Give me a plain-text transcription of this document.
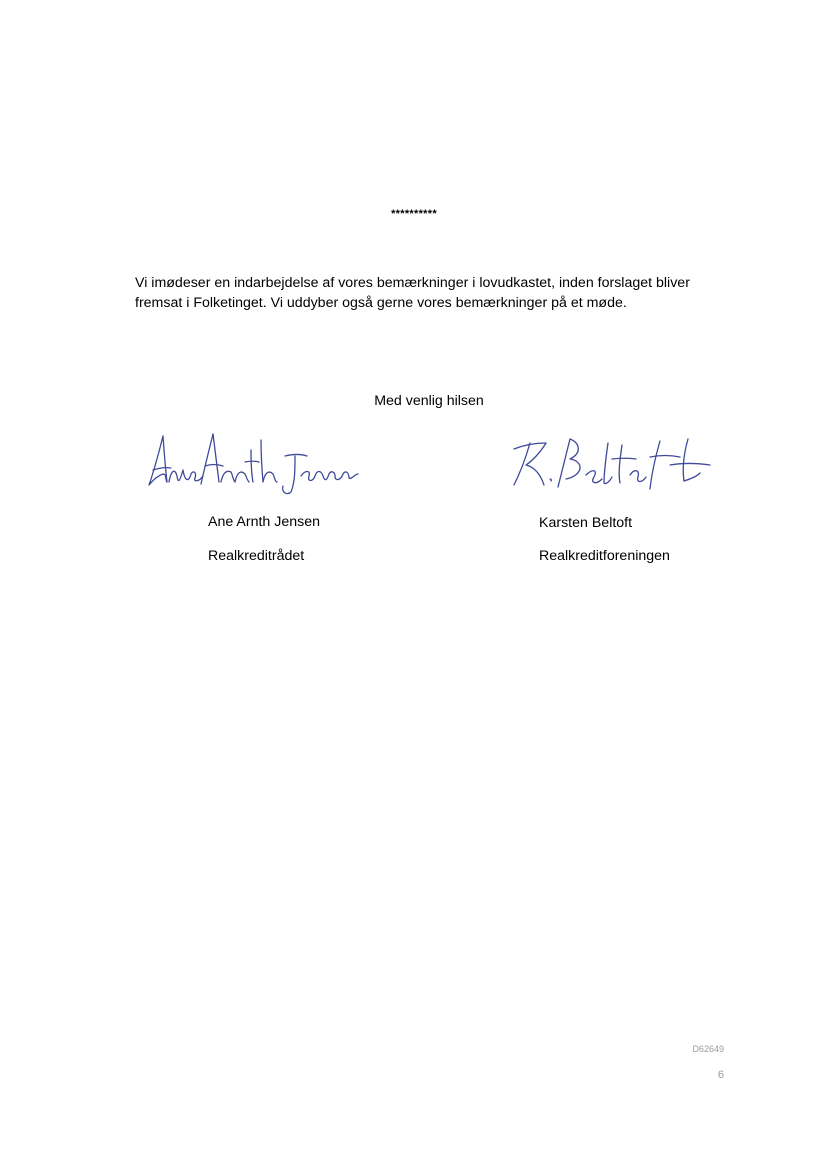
**********

Vi imødeser en indarbejdelse af vores bemærkninger i lovudkastet, inden forslaget bliver fremsat i Folketinget. Vi uddyber også gerne vores bemærkninger på et møde.

Med venlig hilsen
Ane Arnth Jensen
Realkreditrådet
Karsten Beltoft
Realkreditforeningen
D62649
6
